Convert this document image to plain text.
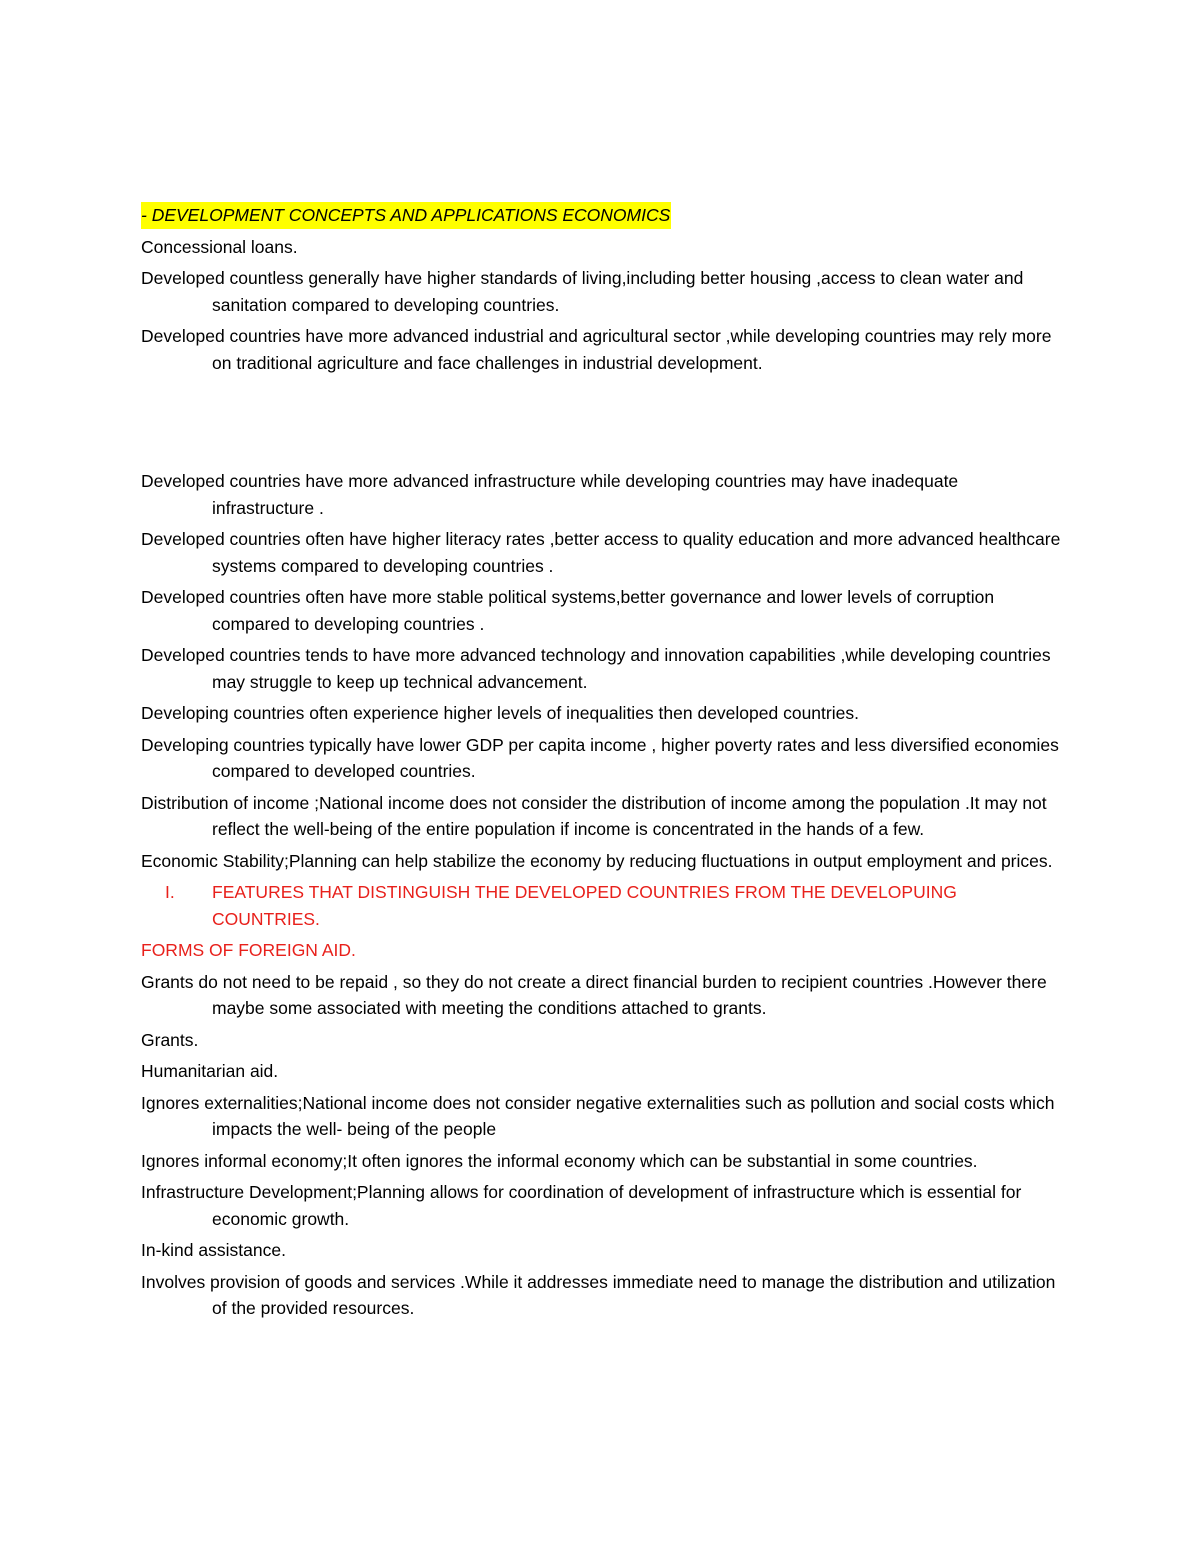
- DEVELOPMENT CONCEPTS AND APPLICATIONS ECONOMICS

Concessional loans.

Developed countless generally have higher standards of living,including better housing ,access to clean water and sanitation compared to developing countries.

Developed countries have more advanced industrial and agricultural sector ,while developing countries may rely more on traditional agriculture and face challenges in industrial development.

Developed countries have more advanced infrastructure while developing countries may have inadequate infrastructure .

Developed countries often have higher literacy rates ,better access to quality education and more advanced healthcare systems compared to developing countries .

Developed countries often have more stable political systems,better governance and lower levels of corruption compared to developing countries .

Developed countries tends to have more advanced technology and innovation capabilities ,while developing countries may struggle to keep up technical advancement.

Developing countries often experience higher levels of inequalities then developed countries.

Developing countries typically have lower GDP per capita income , higher poverty rates and less diversified economies compared to developed countries.

Distribution of income ;National income does not consider the distribution of income among the population .It may not reflect the well-being of the entire population if income is concentrated in the hands of a few.

Economic Stability;Planning can help stabilize the economy by reducing fluctuations in output employment and prices.

I. FEATURES THAT DISTINGUISH THE DEVELOPED COUNTRIES FROM THE DEVELOPUING COUNTRIES.

FORMS OF FOREIGN AID.

Grants do not need to be repaid , so they do not create a direct financial burden to recipient countries .However there maybe some associated with meeting the conditions attached to grants.

Grants.

Humanitarian aid.

Ignores externalities;National income does not consider negative externalities such as pollution and social costs which impacts the well- being of the people

Ignores informal economy;It often ignores the informal economy which can be substantial in some countries.

Infrastructure Development;Planning allows for coordination of development of infrastructure which is essential for economic growth.

In-kind assistance.

Involves provision of goods and services .While it addresses immediate need to manage the distribution and utilization of the provided resources.
